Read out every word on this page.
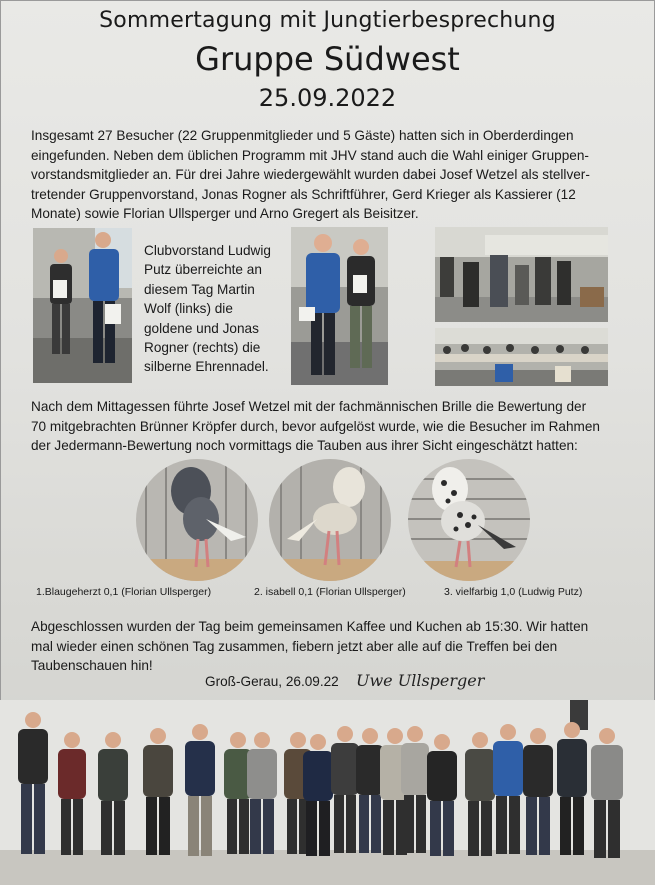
Sommertagung mit Jungtierbesprechung
Gruppe Südwest
25.09.2022
Insgesamt 27 Besucher (22 Gruppenmitglieder und 5 Gäste) hatten sich in Oberderdingen
eingefunden. Neben dem üblichen Programm mit JHV stand auch die Wahl einiger Gruppen-
vorstandsmitglieder an. Für drei Jahre wiedergewählt wurden dabei Josef Wetzel als stellver-
tretender Gruppenvorstand, Jonas Rogner als Schriftführer, Gerd Krieger als Kassierer (12
Monate) sowie Florian Ullsperger und Arno Gregert als Beisitzer.
Clubvorstand Ludwig
Putz überreichte an
diesem Tag Martin
Wolf (links) die
goldene und Jonas
Rogner (rechts) die
silberne Ehrennadel.
Nach dem Mittagessen führte Josef Wetzel mit der fachmännischen Brille die Bewertung der
70 mitgebrachten Brünner Kröpfer durch, bevor aufgelöst wurde, wie die Besucher im Rahmen
der Jedermann-Bewertung noch vormittags die Tauben aus ihrer Sicht eingeschätzt hatten:
1.Blaugeherzt 0,1 (Florian Ullsperger)	2. isabell 0,1 (Florian Ullsperger)	3. vielfarbig 1,0 (Ludwig Putz)
Abgeschlossen wurden der Tag beim gemeinsamen Kaffee und Kuchen ab 15:30. Wir hatten
mal wieder einen schönen Tag zusammen, fiebern jetzt aber alle auf die Treffen bei den
Taubenschauen hin!
Groß-Gerau, 26.09.22 Uwe Ullsperger
